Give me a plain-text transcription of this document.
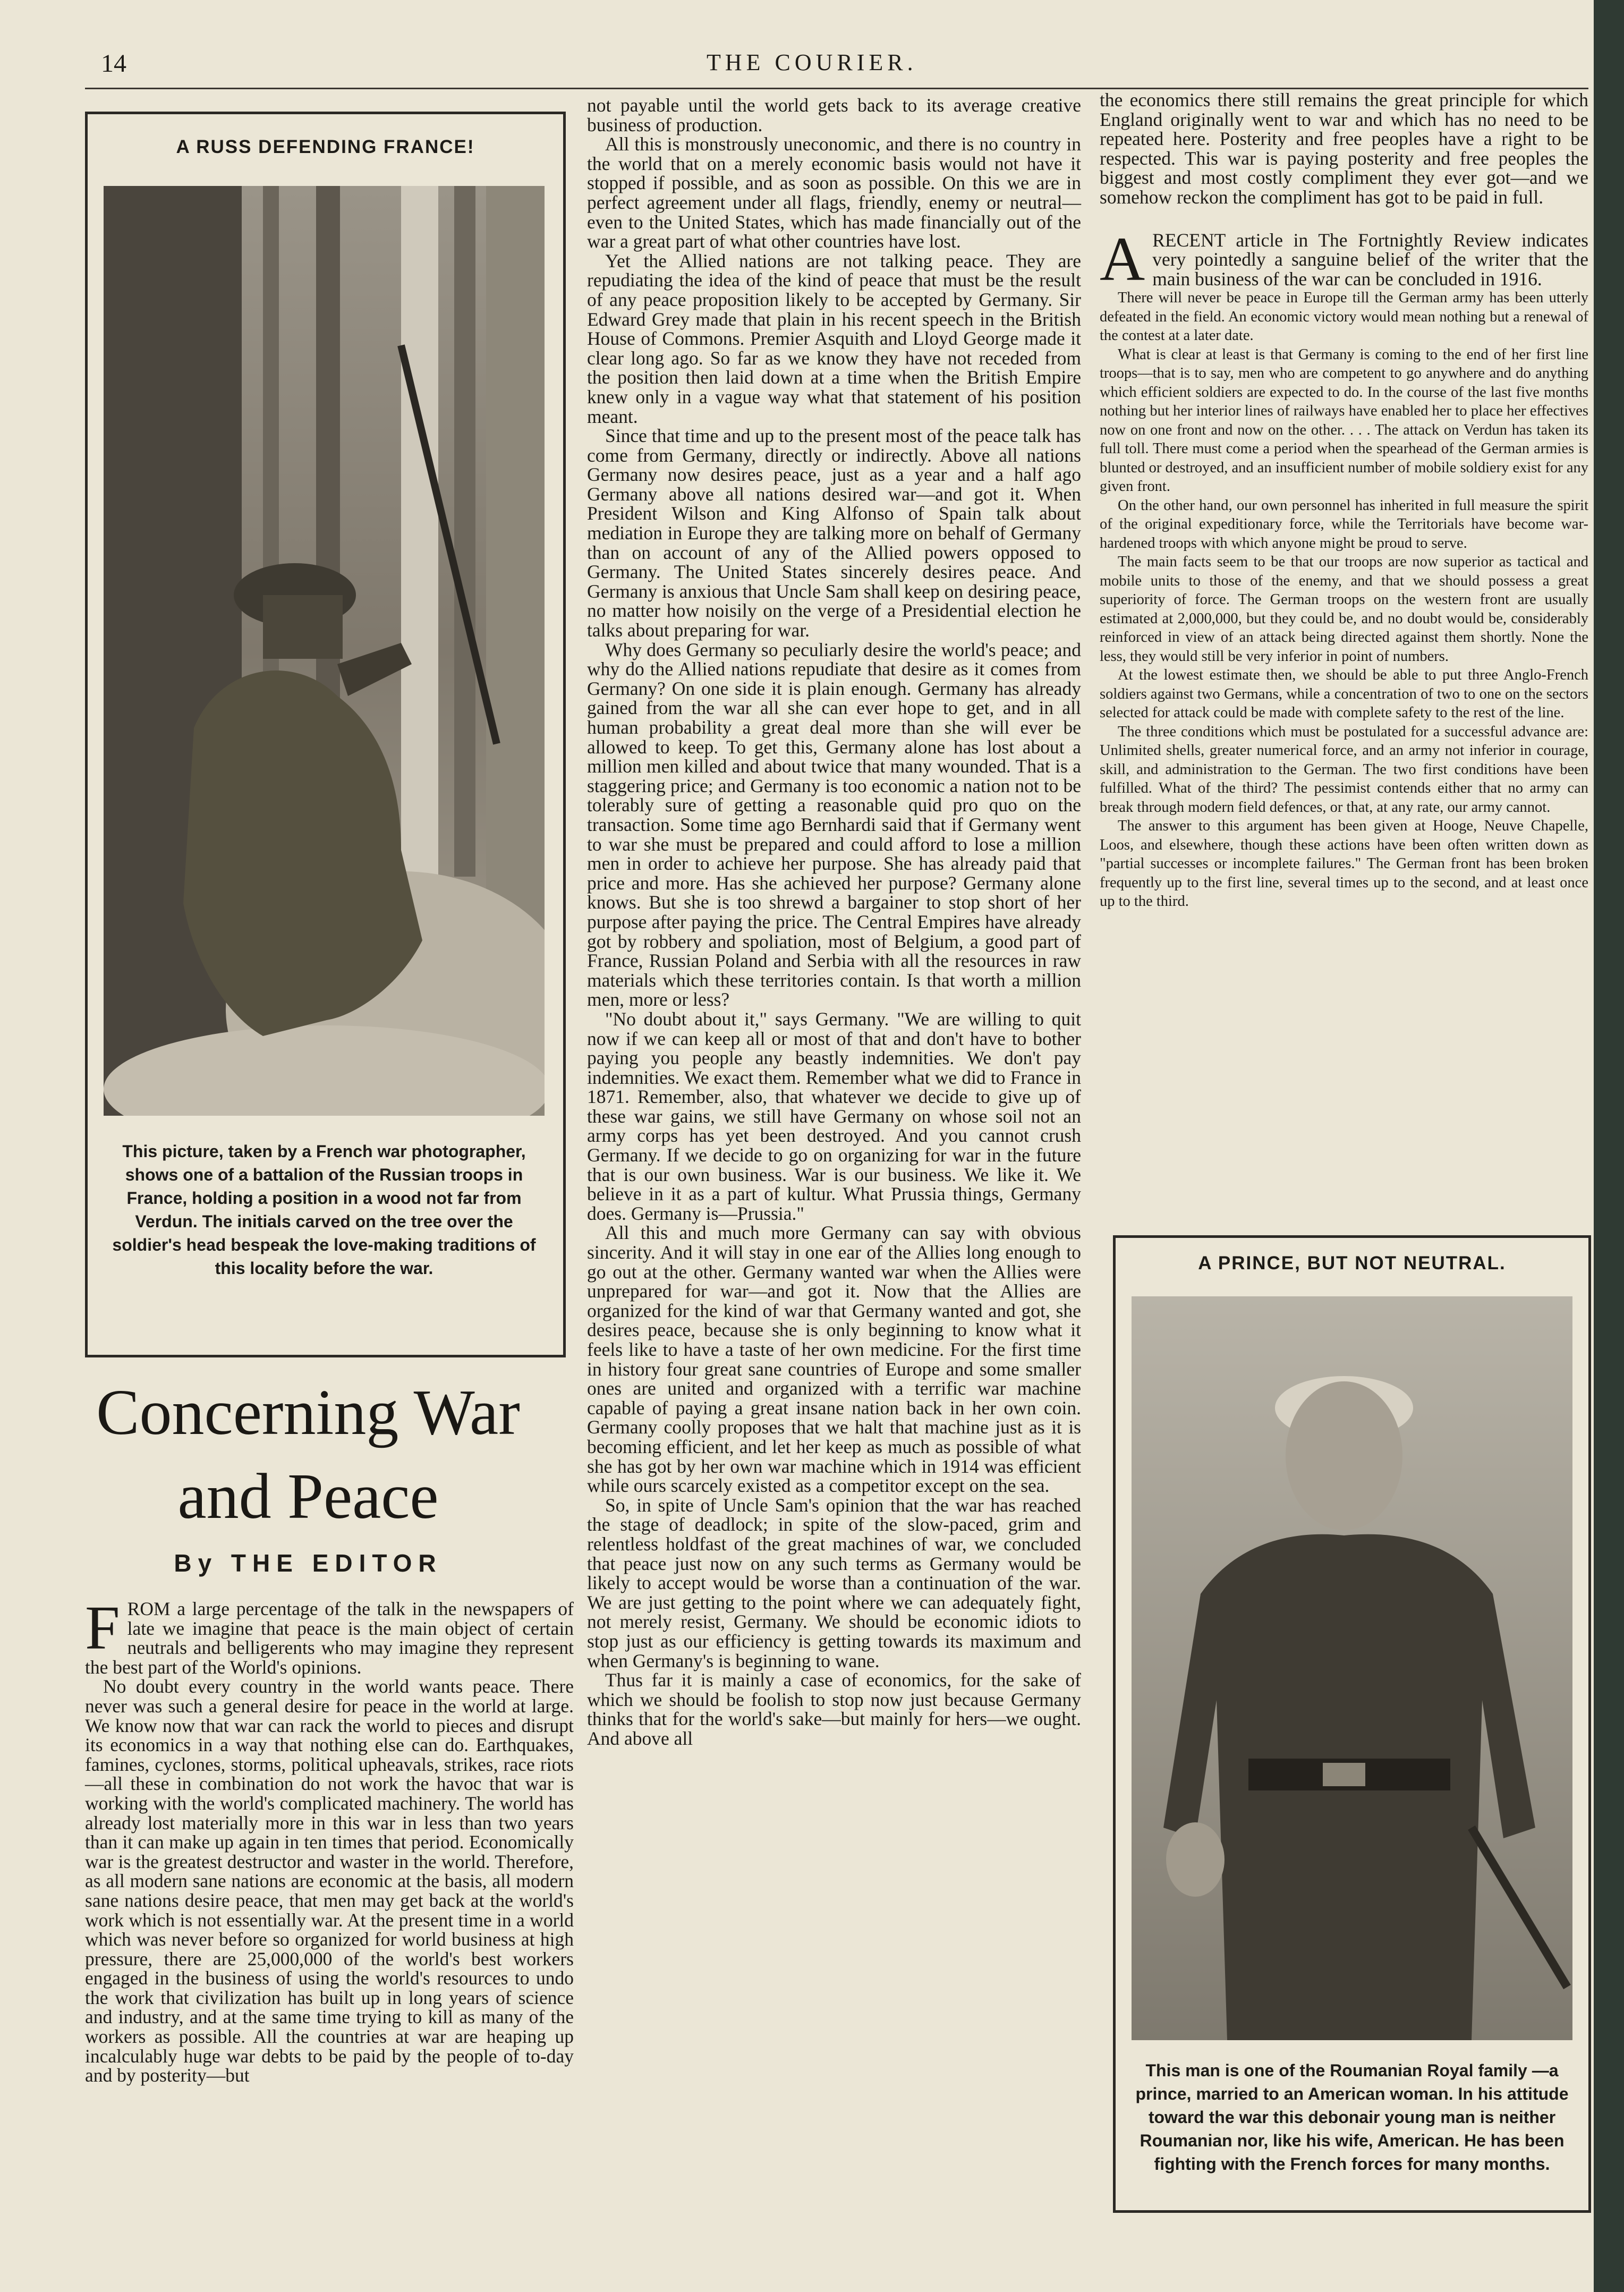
14	THE COURIER.
A RUSS DEFENDING FRANCE!
This picture, taken by a French war photographer, shows one of a battalion of the Russian troops in France, holding a position in a wood not far from Verdun. The initials carved on the tree over the soldier's head bespeak the love-making traditions of this locality before the war.
Concerning War and Peace
By THE EDITOR

FROM a large percentage of the talk in the newspapers of late we imagine that peace is the main object of certain neutrals and belligerents who may imagine they represent the best part of the World's opinions.

No doubt every country in the world wants peace. There never was such a general desire for peace in the world at large. We know now that war can rack the world to pieces and disrupt its economics in a way that nothing else can do. Earthquakes, famines, cyclones, storms, political upheavals, strikes, race riots—all these in combination do not work the havoc that war is working with the world's complicated machinery. The world has already lost materially more in this war in less than two years than it can make up again in ten times that period. Economically war is the greatest destructor and waster in the world. Therefore, as all modern sane nations are economic at the basis, all modern sane nations desire peace, that men may get back at the world's work which is not essentially war. At the present time in a world which was never before so organized for world business at high pressure, there are 25,000,000 of the world's best workers engaged in the business of using the world's resources to undo the work that civilization has built up in long years of science and industry, and at the same time trying to kill as many of the workers as possible. All the countries at war are heaping up incalculably huge war debts to be paid by the people of to-day and by posterity—but

not payable until the world gets back to its average creative business of production.

All this is monstrously uneconomic, and there is no country in the world that on a merely economic basis would not have it stopped if possible, and as soon as possible. On this we are in perfect agreement under all flags, friendly, enemy or neutral—even to the United States, which has made financially out of the war a great part of what other countries have lost.

Yet the Allied nations are not talking peace. They are repudiating the idea of the kind of peace that must be the result of any peace proposition likely to be accepted by Germany. Sir Edward Grey made that plain in his recent speech in the British House of Commons. Premier Asquith and Lloyd George made it clear long ago. So far as we know they have not receded from the position then laid down at a time when the British Empire knew only in a vague way what that statement of his position meant.

Since that time and up to the present most of the peace talk has come from Germany, directly or indirectly. Above all nations Germany now desires peace, just as a year and a half ago Germany above all nations desired war—and got it. When President Wilson and King Alfonso of Spain talk about mediation in Europe they are talking more on behalf of Germany than on account of any of the Allied powers opposed to Germany. The United States sincerely desires peace. And Germany is anxious that Uncle Sam shall keep on desiring peace, no matter how noisily on the verge of a Presidential election he talks about preparing for war.

Why does Germany so peculiarly desire the world's peace; and why do the Allied nations repudiate that desire as it comes from Germany? On one side it is plain enough. Germany has already gained from the war all she can ever hope to get, and in all human probability a great deal more than she will ever be allowed to keep. To get this, Germany alone has lost about a million men killed and about twice that many wounded. That is a staggering price; and Germany is too economic a nation not to be tolerably sure of getting a reasonable quid pro quo on the transaction. Some time ago Bernhardi said that if Germany went to war she must be prepared and could afford to lose a million men in order to achieve her purpose. She has already paid that price and more. Has she achieved her purpose? Germany alone knows. But she is too shrewd a bargainer to stop short of her purpose after paying the price. The Central Empires have already got by robbery and spoliation, most of Belgium, a good part of France, Russian Poland and Serbia with all the resources in raw materials which these territories contain. Is that worth a million men, more or less?

"No doubt about it," says Germany. "We are willing to quit now if we can keep all or most of that and don't have to bother paying you people any beastly indemnities. We don't pay indemnities. We exact them. Remember what we did to France in 1871. Remember, also, that whatever we decide to give up of these war gains, we still have Germany on whose soil not an army corps has yet been destroyed. And you cannot crush Germany. If we decide to go on organizing for war in the future that is our own business. War is our business. We like it. We believe in it as a part of kultur. What Prussia things, Germany does. Germany is—Prussia."

All this and much more Germany can say with obvious sincerity. And it will stay in one ear of the Allies long enough to go out at the other. Germany wanted war when the Allies were unprepared for war—and got it. Now that the Allies are organized for the kind of war that Germany wanted and got, she desires peace, because she is only beginning to know what it feels like to have a taste of her own medicine. For the first time in history four great sane countries of Europe and some smaller ones are united and organized with a terrific war machine capable of paying a great insane nation back in her own coin. Germany coolly proposes that we halt that machine just as it is becoming efficient, and let her keep as much as possible of what she has got by her own war machine which in 1914 was efficient while ours scarcely existed as a competitor except on the sea.

So, in spite of Uncle Sam's opinion that the war has reached the stage of deadlock; in spite of the slow-paced, grim and relentless holdfast of the great machines of war, we concluded that peace just now on any such terms as Germany would be likely to accept would be worse than a continuation of the war. We are just getting to the point where we can adequately fight, not merely resist, Germany. We should be economic idiots to stop just as our efficiency is getting towards its maximum and when Germany's is beginning to wane.

Thus far it is mainly a case of economics, for the sake of which we should be foolish to stop now just because Germany thinks that for the world's sake—but mainly for hers—we ought. And above all

the economics there still remains the great principle for which England originally went to war and which has no need to be repeated here. Posterity and free peoples have a right to be respected. This war is paying posterity and free peoples the biggest and most costly compliment they ever got—and we somehow reckon the compliment has got to be paid in full.

ARECENT article in The Fortnightly Review indicates very pointedly a sanguine belief of the writer that the main business of the war can be concluded in 1916.

There will never be peace in Europe till the German army has been utterly defeated in the field. An economic victory would mean nothing but a renewal of the contest at a later date.

What is clear at least is that Germany is coming to the end of her first line troops—that is to say, men who are competent to go anywhere and do anything which efficient soldiers are expected to do. In the course of the last five months nothing but her interior lines of railways have enabled her to place her effectives now on one front and now on the other. . . . The attack on Verdun has taken its full toll. There must come a period when the spearhead of the German armies is blunted or destroyed, and an insufficient number of mobile soldiery exist for any given front.

On the other hand, our own personnel has inherited in full measure the spirit of the original expeditionary force, while the Territorials have become war-hardened troops with which anyone might be proud to serve.

The main facts seem to be that our troops are now superior as tactical and mobile units to those of the enemy, and that we should possess a great superiority of force. The German troops on the western front are usually estimated at 2,000,000, but they could be, and no doubt would be, considerably reinforced in view of an attack being directed against them shortly. None the less, they would still be very inferior in point of numbers.

At the lowest estimate then, we should be able to put three Anglo-French soldiers against two Germans, while a concentration of two to one on the sectors selected for attack could be made with complete safety to the rest of the line.

The three conditions which must be postulated for a successful advance are: Unlimited shells, greater numerical force, and an army not inferior in courage, skill, and administration to the German. The two first conditions have been fulfilled. What of the third? The pessimist contends either that no army can break through modern field defences, or that, at any rate, our army cannot.

The answer to this argument has been given at Hooge, Neuve Chapelle, Loos, and elsewhere, though these actions have been often written down as "partial successes or incomplete failures." The German front has been broken frequently up to the first line, several times up to the second, and at least once up to the third.

A PRINCE, BUT NOT NEUTRAL.
This man is one of the Roumanian Royal family —a prince, married to an American woman. In his attitude toward the war this debonair young man is neither Roumanian nor, like his wife, American. He has been fighting with the French forces for many months.
